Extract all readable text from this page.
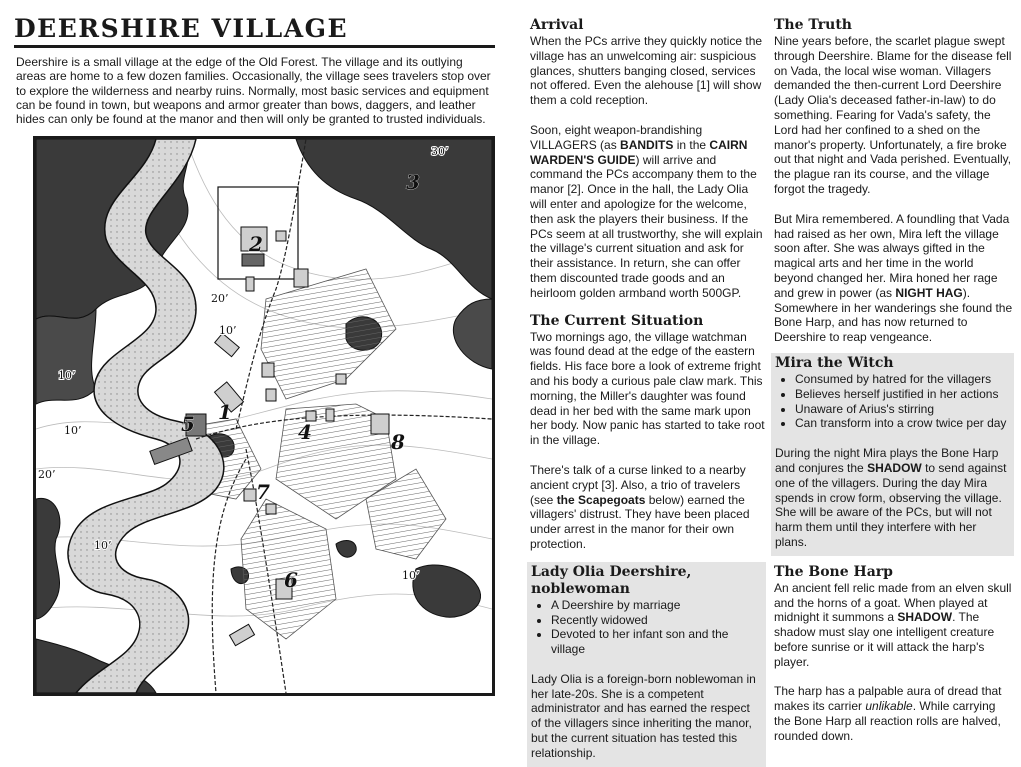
DEERSHIRE VILLAGE

Deershire is a small village at the edge of the Old Forest. The village and its outlying areas are home to a few dozen families. Occasionally, the village sees travelers stop over to explore the wilderness and nearby ruins. Normally, most basic services and equipment can be found in town, but weapons and armor greater than bows, daggers, and leather hides can only be found at the manor and then will only be granted to trusted individuals.

1
2
3
4
5
6
7
8
30’
20’
10’
10’
20’
10’
10’
10’
Arrival

When the PCs arrive they quickly notice the village has an unwelcoming air: suspicious glances, shutters banging closed, services not offered. Even the alehouse [1] will show them a cold reception.

Soon, eight weapon-brandishing VILLAGERS (as BANDITS in the CAIRN WARDEN'S GUIDE) will arrive and command the PCs accompany them to the manor [2]. Once in the hall, the Lady Olia will enter and apologize for the welcome, then ask the players their business. If the PCs seem at all trustworthy, she will explain the village's current situation and ask for their assistance. In return, she can offer them discounted trade goods and an heirloom golden armband worth 500GP.

The Current Situation

Two mornings ago, the village watchman was found dead at the edge of the eastern fields. His face bore a look of extreme fright and his body a curious pale claw mark. This morning, the Miller's daughter was found dead in her bed with the same mark upon her body. Now panic has started to take root in the village.

There's talk of a curse linked to a nearby ancient crypt [3]. Also, a trio of travelers (see the Scapegoats below) earned the villagers' distrust. They have been placed under arrest in the manor for their own protection.

Lady Olia Deershire, noblewoman
• A Deershire by marriage
• Recently widowed
• Devoted to her infant son and the village

Lady Olia is a foreign-born noblewoman in her late-20s. She is a competent administrator and has earned the respect of the villagers since inheriting the manor, but the current situation has tested this relationship.

The Truth

Nine years before, the scarlet plague swept through Deershire. Blame for the disease fell on Vada, the local wise woman. Villagers demanded the then-current Lord Deershire (Lady Olia's deceased father-in-law) to do something. Fearing for Vada's safety, the Lord had her confined to a shed on the manor's property. Unfortunately, a fire broke out that night and Vada perished. Eventually, the plague ran its course, and the village forgot the tragedy.

But Mira remembered. A foundling that Vada had raised as her own, Mira left the village soon after. She was always gifted in the magical arts and her time in the world beyond changed her. Mira honed her rage and grew in power (as NIGHT HAG). Somewhere in her wanderings she found the Bone Harp, and has now returned to Deershire to reap vengeance.

Mira the Witch
• Consumed by hatred for the villagers
• Believes herself justified in her actions
• Unaware of Arius's stirring
• Can transform into a crow twice per day

During the night Mira plays the Bone Harp and conjures the SHADOW to send against one of the villagers. During the day Mira spends in crow form, observing the village. She will be aware of the PCs, but will not harm them until they interfere with her plans.

The Bone Harp

An ancient fell relic made from an elven skull and the horns of a goat. When played at midnight it summons a SHADOW. The shadow must slay one intelligent creature before sunrise or it will attack the harp's player.

The harp has a palpable aura of dread that makes its carrier unlikable. While carrying the Bone Harp all reaction rolls are halved, rounded down.
